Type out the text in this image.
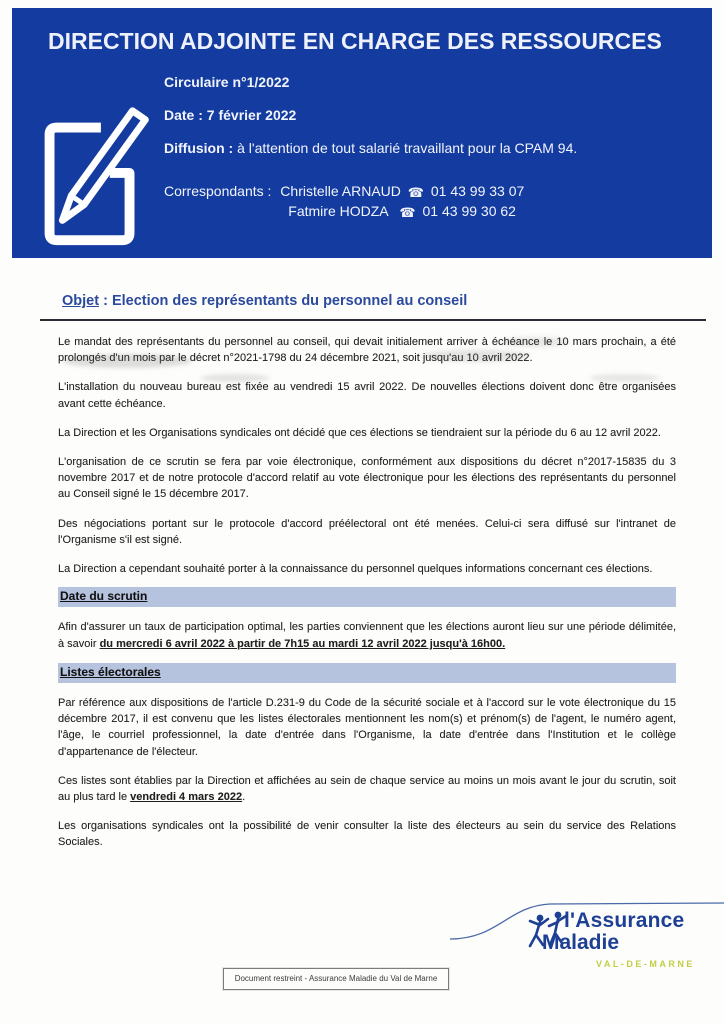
DIRECTION ADJOINTE EN CHARGE DES RESSOURCES
Circulaire n°1/2022
Date : 7 février 2022
Diffusion : à l'attention de tout salarié travaillant pour la CPAM 94.
Correspondants : Christelle ARNAUD ☎ 01 43 99 33 07
Fatmire HODZA ☎ 01 43 99 30 62
Objet : Election des représentants du personnel au conseil

Le mandat des représentants du personnel au conseil, qui devait initialement arriver à échéance le 10 mars prochain, a été prolongés d'un mois par le décret n°2021-1798 du 24 décembre 2021, soit jusqu'au 10 avril 2022.

L'installation du nouveau bureau est fixée au vendredi 15 avril 2022. De nouvelles élections doivent donc être organisées avant cette échéance.

La Direction et les Organisations syndicales ont décidé que ces élections se tiendraient sur la période du 6 au 12 avril 2022.

L'organisation de ce scrutin se fera par voie électronique, conformément aux dispositions du décret n°2017-15835 du 3 novembre 2017 et de notre protocole d'accord relatif au vote électronique pour les élections des représentants du personnel au Conseil signé le 15 décembre 2017.

Des négociations portant sur le protocole d'accord préélectoral ont été menées. Celui-ci sera diffusé sur l'intranet de l'Organisme s'il est signé.

La Direction a cependant souhaité porter à la connaissance du personnel quelques informations concernant ces élections.

Date du scrutin

Afin d'assurer un taux de participation optimal, les parties conviennent que les élections auront lieu sur une période délimitée, à savoir du mercredi 6 avril 2022 à partir de 7h15 au mardi 12 avril 2022 jusqu'à 16h00.

Listes électorales

Par référence aux dispositions de l'article D.231-9 du Code de la sécurité sociale et à l'accord sur le vote électronique du 15 décembre 2017, il est convenu que les listes électorales mentionnent les nom(s) et prénom(s) de l'agent, le numéro agent, l'âge, le courriel professionnel, la date d'entrée dans l'Organisme, la date d'entrée dans l'Institution et le collège d'appartenance de l'électeur.

Ces listes sont établies par la Direction et affichées au sein de chaque service au moins un mois avant le jour du scrutin, soit au plus tard le vendredi 4 mars 2022.

Les organisations syndicales ont la possibilité de venir consulter la liste des électeurs au sein du service des Relations Sociales.

l'Assurance
Maladie
VAL-DE-MARNE
Document restreint - Assurance Maladie du Val de Marne
